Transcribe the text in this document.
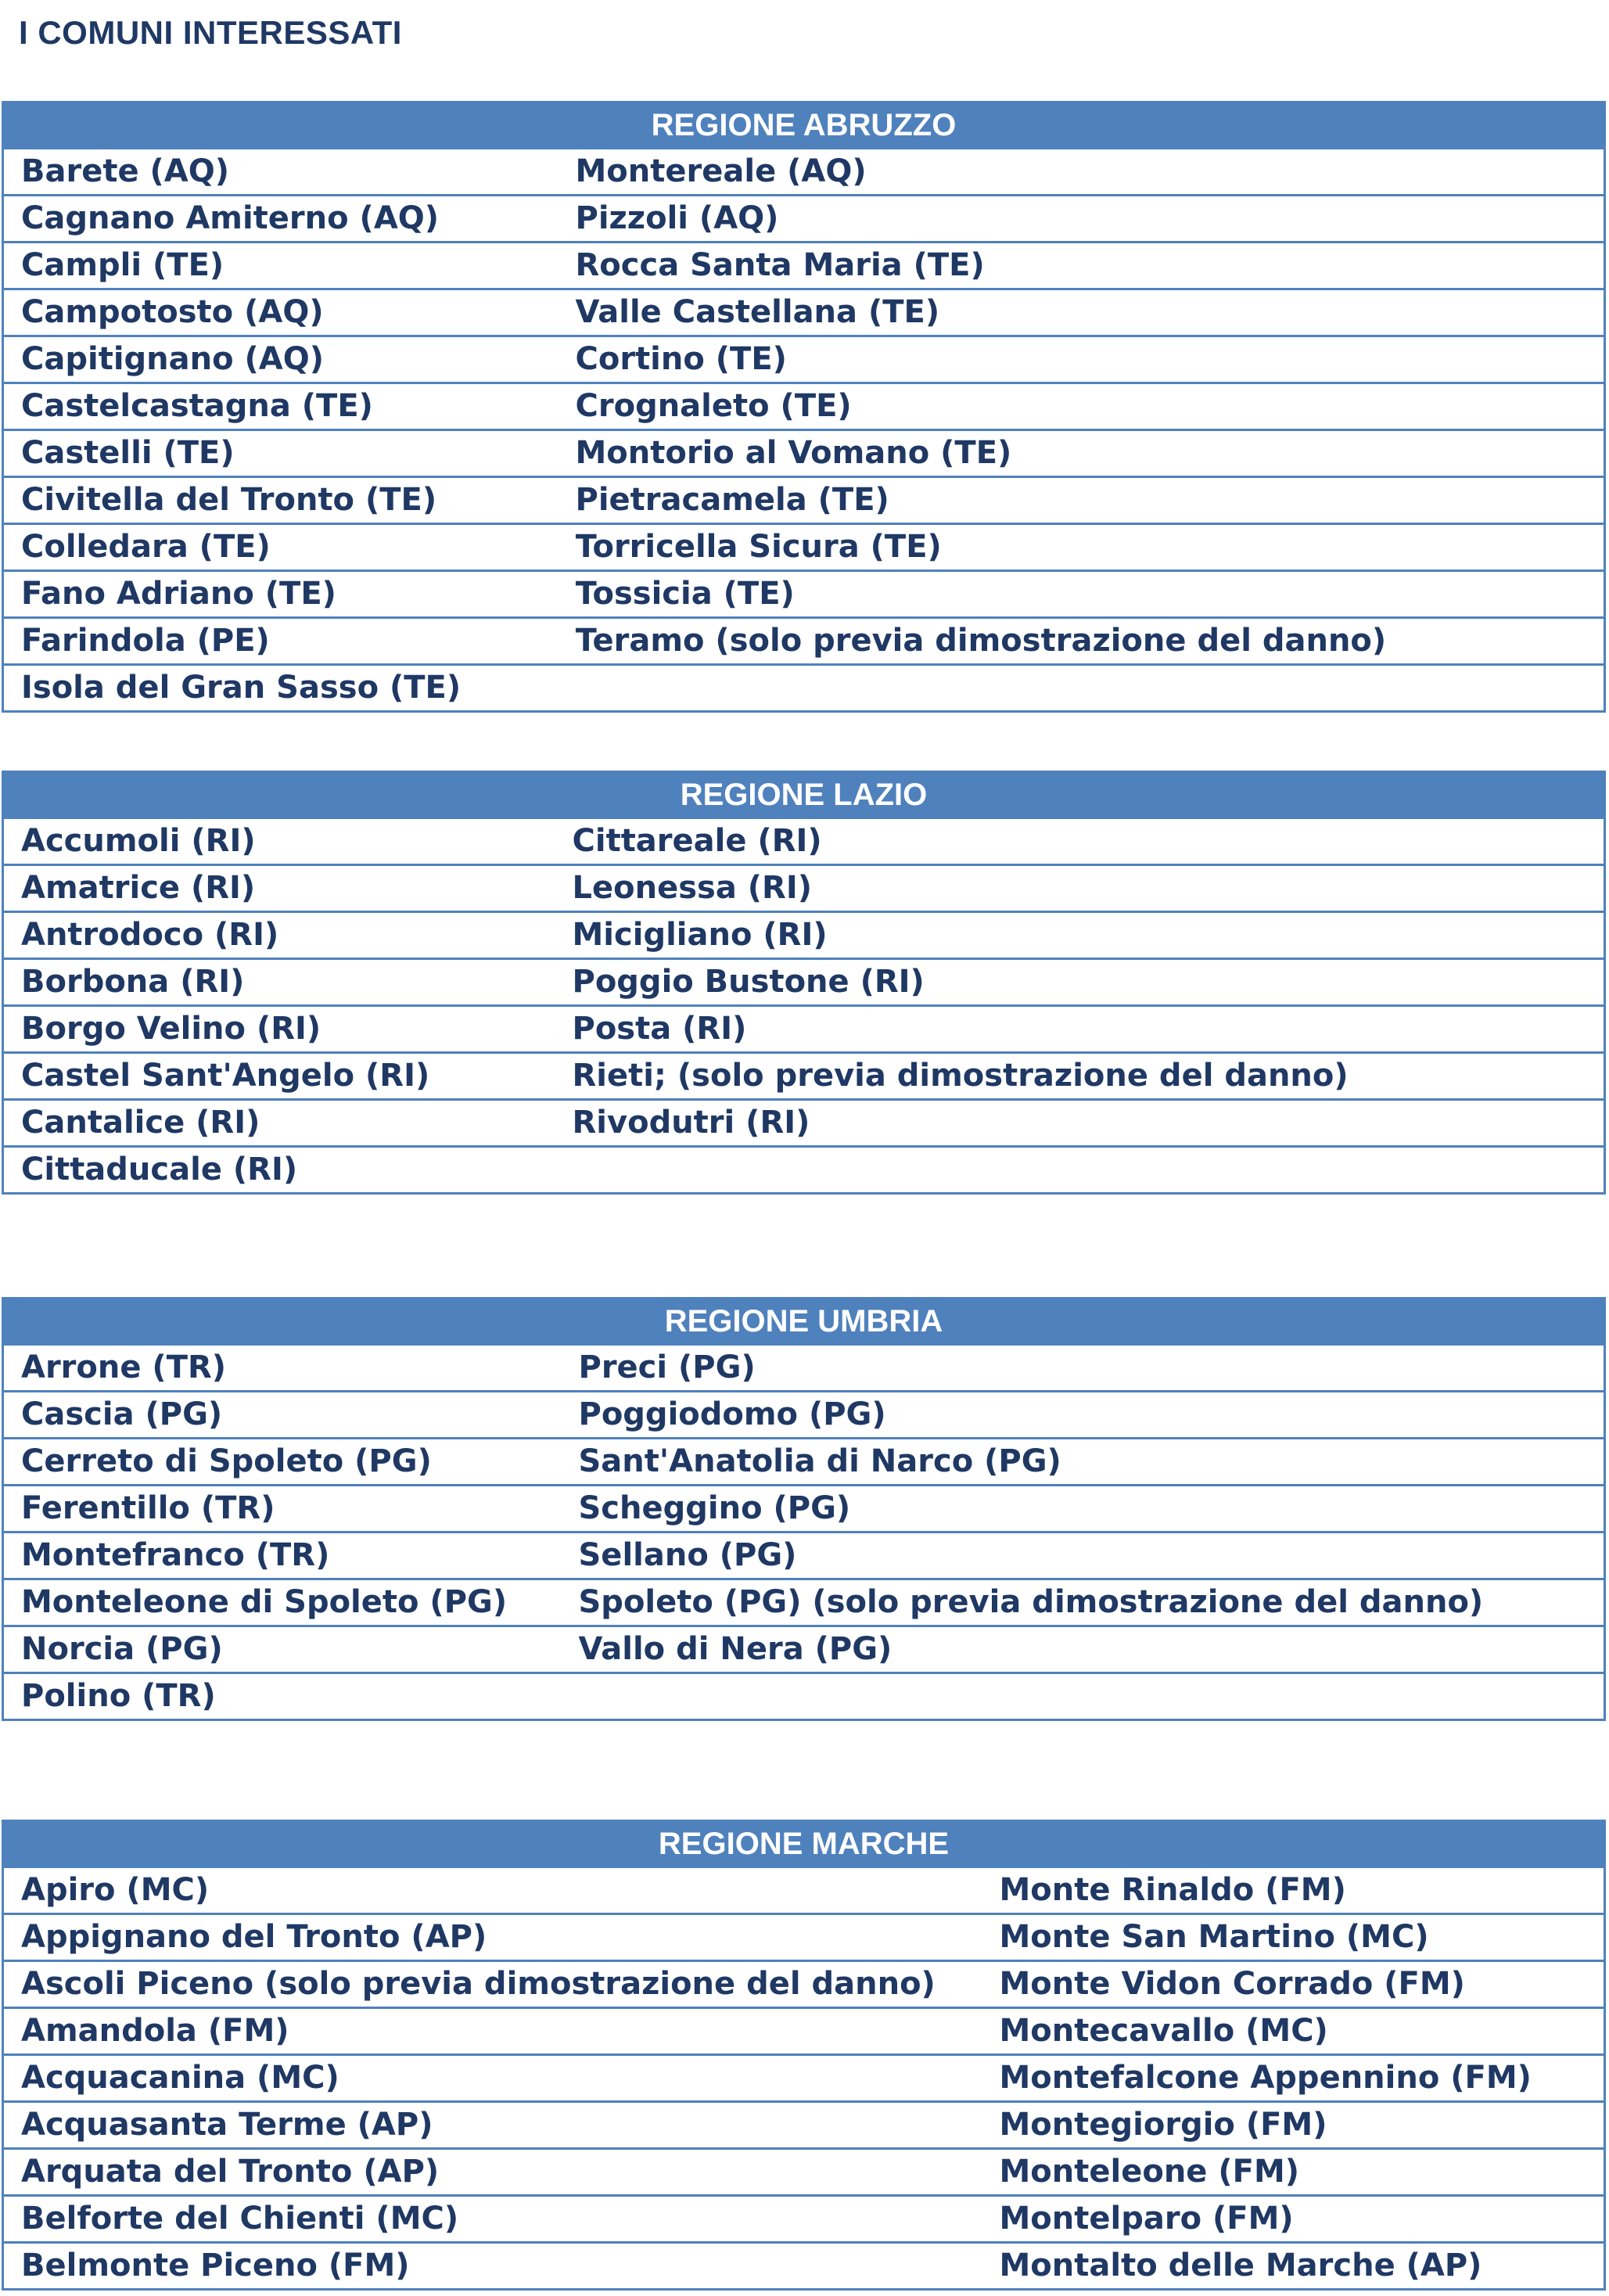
I COMUNI INTERESSATI
REGIONE ABRUZZO	
Barete (AQ)	Montereale (AQ)
Cagnano Amiterno (AQ)	Pizzoli (AQ)
Campli (TE)	Rocca Santa Maria (TE)
Campotosto (AQ)	Valle Castellana (TE)
Capitignano (AQ)	Cortino (TE)
Castelcastagna (TE)	Crognaleto (TE)
Castelli (TE)	Montorio al Vomano (TE)
Civitella del Tronto (TE)	Pietracamela (TE)
Colledara (TE)	Torricella Sicura (TE)
Fano Adriano (TE)	Tossicia (TE)
Farindola (PE)	Teramo (solo previa dimostrazione del danno)
Isola del Gran Sasso (TE)	
REGIONE LAZIO	
Accumoli (RI)	Cittareale (RI)
Amatrice (RI)	Leonessa (RI)
Antrodoco (RI)	Micigliano (RI)
Borbona (RI)	Poggio Bustone (RI)
Borgo Velino (RI)	Posta (RI)
Castel Sant'Angelo (RI)	Rieti; (solo previa dimostrazione del danno)
Cantalice (RI)	Rivodutri (RI)
Cittaducale (RI)	
REGIONE UMBRIA	
Arrone (TR)	Preci (PG)
Cascia (PG)	Poggiodomo (PG)
Cerreto di Spoleto (PG)	Sant'Anatolia di Narco (PG)
Ferentillo (TR)	Scheggino (PG)
Montefranco (TR)	Sellano (PG)
Monteleone di Spoleto (PG)	Spoleto (PG) (solo previa dimostrazione del danno)
Norcia (PG)	Vallo di Nera (PG)
Polino (TR)	
REGIONE MARCHE	
Apiro (MC)	Monte Rinaldo (FM)
Appignano del Tronto (AP)	Monte San Martino (MC)
Ascoli Piceno (solo previa dimostrazione del danno)	Monte Vidon Corrado (FM)
Amandola (FM)	Montecavallo (MC)
Acquacanina (MC)	Montefalcone Appennino (FM)
Acquasanta Terme (AP)	Montegiorgio (FM)
Arquata del Tronto (AP)	Monteleone (FM)
Belforte del Chienti (MC)	Montelparo (FM)
Belmonte Piceno (FM)	Montalto delle Marche (AP)
